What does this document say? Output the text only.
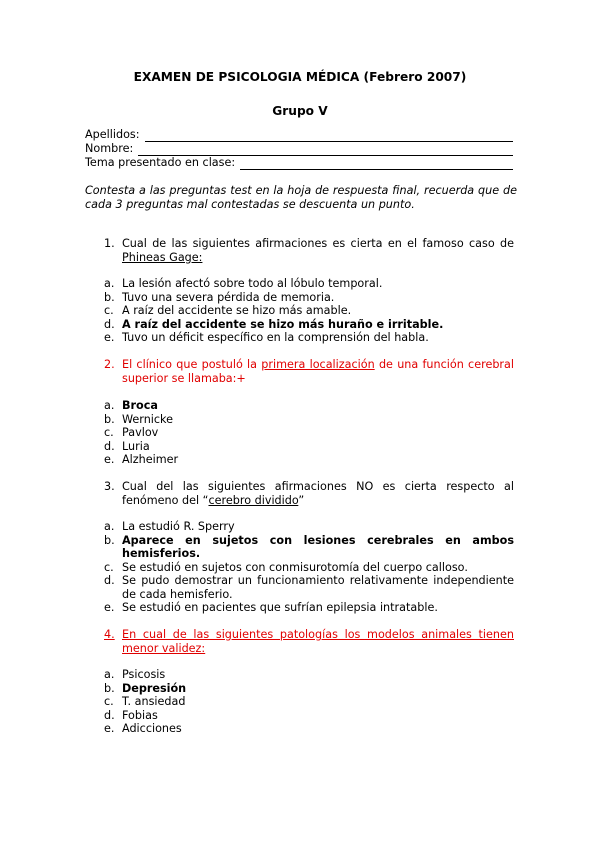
EXAMEN DE PSICOLOGIA MÉDICA (Febrero 2007)
Grupo V
Apellidos:
Nombre:
Tema presentado en clase:
Contesta a las preguntas test en la hoja de respuesta final, recuerda que de cada 3 preguntas mal contestadas se descuenta un punto.
1. Cual de las siguientes afirmaciones es cierta en el famoso caso de Phineas Gage:
a. La lesión afectó sobre todo al lóbulo temporal.
b. Tuvo una severa pérdida de memoria.
c. A raíz del accidente se hizo más amable.
d. A raíz del accidente se hizo más huraño e irritable.
e. Tuvo un déficit específico en la comprensión del habla.
2. El clínico que postuló la primera localización de una función cerebral superior se llamaba:+
a. Broca
b. Wernicke
c. Pavlov
d. Luria
e. Alzheimer
3. Cual del las siguientes afirmaciones NO es cierta respecto al fenómeno del “cerebro dividido”
a. La estudió R. Sperry
b. Aparece en sujetos con lesiones cerebrales en ambos hemisferios.
c. Se estudió en sujetos con conmisurotomía del cuerpo calloso.
d. Se pudo demostrar un funcionamiento relativamente independiente de cada hemisferio.
e. Se estudió en pacientes que sufrían epilepsia intratable.
4. En cual de las siguientes patologías los modelos animales tienen menor validez:
a. Psicosis
b. Depresión
c. T. ansiedad
d. Fobias
e. Adicciones
